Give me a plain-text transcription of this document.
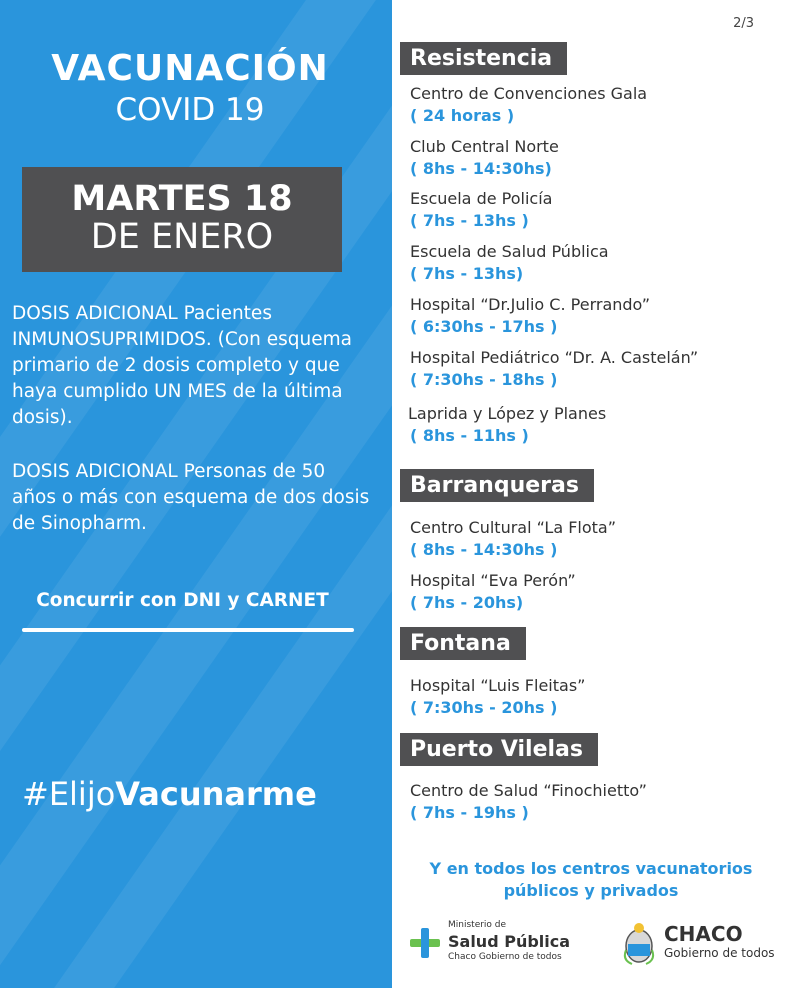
VACUNACIÓN
COVID 19
MARTES 18
DE ENERO
DOSIS ADICIONAL Pacientes INMUNOSUPRIMIDOS. (Con esquema primario de 2 dosis completo y que haya cumplido UN MES de la última dosis).
DOSIS ADICIONAL Personas de 50 años o más con esquema de dos dosis de Sinopharm.
Concurrir con DNI y CARNET
#ElijoVacunarme
2/3
Resistencia
Centro de Convenciones Gala
( 24 horas )
Club Central Norte
( 8hs - 14:30hs)
Escuela de Policía
( 7hs - 13hs )
Escuela de Salud Pública
( 7hs - 13hs)
Hospital “Dr.Julio C. Perrando”
( 6:30hs - 17hs )
Hospital Pediátrico “Dr. A. Castelán”
( 7:30hs - 18hs )
Laprida y López y Planes
( 8hs - 11hs )
Barranqueras
Centro Cultural “La Flota”
( 8hs - 14:30hs )
Hospital “Eva Perón”
( 7hs - 20hs)
Fontana
Hospital “Luis Fleitas”
( 7:30hs - 20hs )
Puerto Vilelas
Centro de Salud “Finochietto”
( 7hs - 19hs )
Y en todos los centros vacunatorios
públicos y privados
Ministerio de
Salud Pública
Chaco Gobierno de todos
CHACO
Gobierno de todos
